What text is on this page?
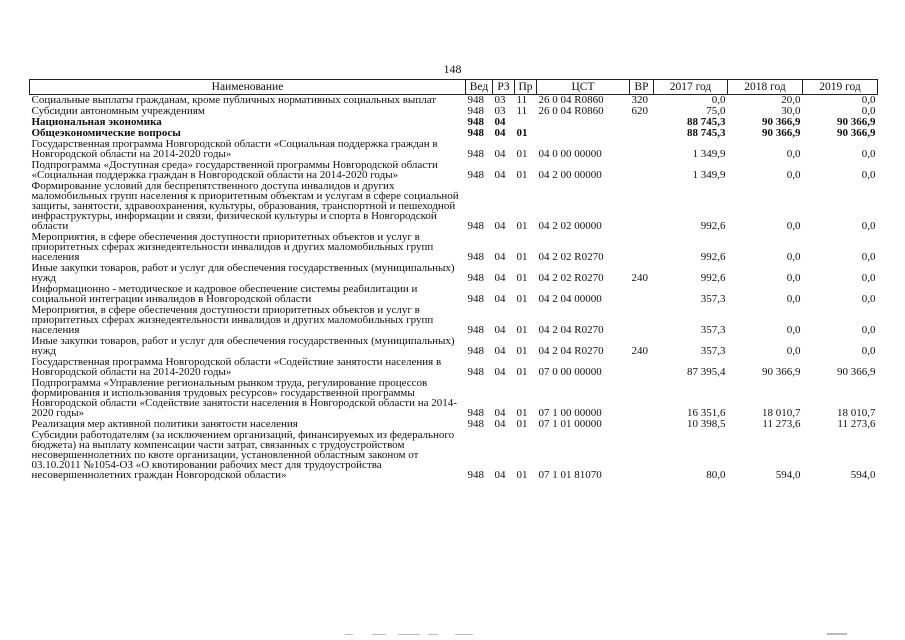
148
Наименование	Вед	РЗ	Пр	ЦСТ	ВР	2017 год	2018 год	2019 год
Социальные выплаты гражданам, кроме публичных нормативных социальных выплат	948	03	11	26 0 04 R0860	320	0,0	20,0	0,0
Субсидии автономным учреждениям	948	03	11	26 0 04 R0860	620	75,0	30,0	0,0
Национальная экономика	948	04				88 745,3	90 366,9	90 366,9
Общеэкономические вопросы	948	04	01			88 745,3	90 366,9	90 366,9
Государственная программа Новгородской области «Социальная поддержка граждан в Новгородской области на 2014-2020 годы»	948	04	01	04 0 00 00000		1 349,9	0,0	0,0
Подпрограмма «Доступная среда» государственной программы Новгородской области «Социальная поддержка граждан в Новгородской области на 2014-2020 годы»	948	04	01	04 2 00 00000		1 349,9	0,0	0,0
Формирование условий для беспрепятственного доступа инвалидов и других маломобильных групп населения к приоритетным объектам и услугам в сфере социальной защиты, занятости, здравоохранения, культуры, образования, транспортной и пешеходной инфраструктуры, информации и связи, физической культуры и спорта в Новгородской области	948	04	01	04 2 02 00000		992,6	0,0	0,0
Мероприятия, в сфере обеспечения доступности приоритетных объектов и услуг в приоритетных сферах жизнедеятельности инвалидов и других маломобильных групп населения	948	04	01	04 2 02 R0270		992,6	0,0	0,0
Иные закупки товаров, работ и услуг для обеспечения государственных (муниципальных) нужд	948	04	01	04 2 02 R0270	240	992,6	0,0	0,0
Информационно - методическое и кадровое обеспечение системы реабилитации и социальной интеграции инвалидов в Новгородской области	948	04	01	04 2 04 00000		357,3	0,0	0,0
Мероприятия, в сфере обеспечения доступности приоритетных объектов и услуг в приоритетных сферах жизнедеятельности инвалидов и других маломобильных групп населения	948	04	01	04 2 04 R0270		357,3	0,0	0,0
Иные закупки товаров, работ и услуг для обеспечения государственных (муниципальных) нужд	948	04	01	04 2 04 R0270	240	357,3	0,0	0,0
Государственная программа Новгородской области «Содействие занятости населения в Новгородской области на 2014-2020 годы»	948	04	01	07 0 00 00000		87 395,4	90 366,9	90 366,9
Подпрограмма «Управление региональным рынком труда, регулирование процессов формирования и использования трудовых ресурсов» государственной программы Новгородской области «Содействие занятости населения в Новгородской области на 2014-2020 годы»	948	04	01	07 1 00 00000		16 351,6	18 010,7	18 010,7
Реализация мер активной политики занятости населения	948	04	01	07 1 01 00000		10 398,5	11 273,6	11 273,6
Субсидии работодателям (за исключением организаций, финансируемых из федерального бюджета) на выплату компенсации части затрат, связанных с трудоустройством несовершеннолетних по квоте организации, установленной областным законом от 03.10.2011 №1054-ОЗ «О квотировании рабочих мест для трудоустройства несовершеннолетних граждан Новгородской области»	948	04	01	07 1 01 81070		80,0	594,0	594,0
